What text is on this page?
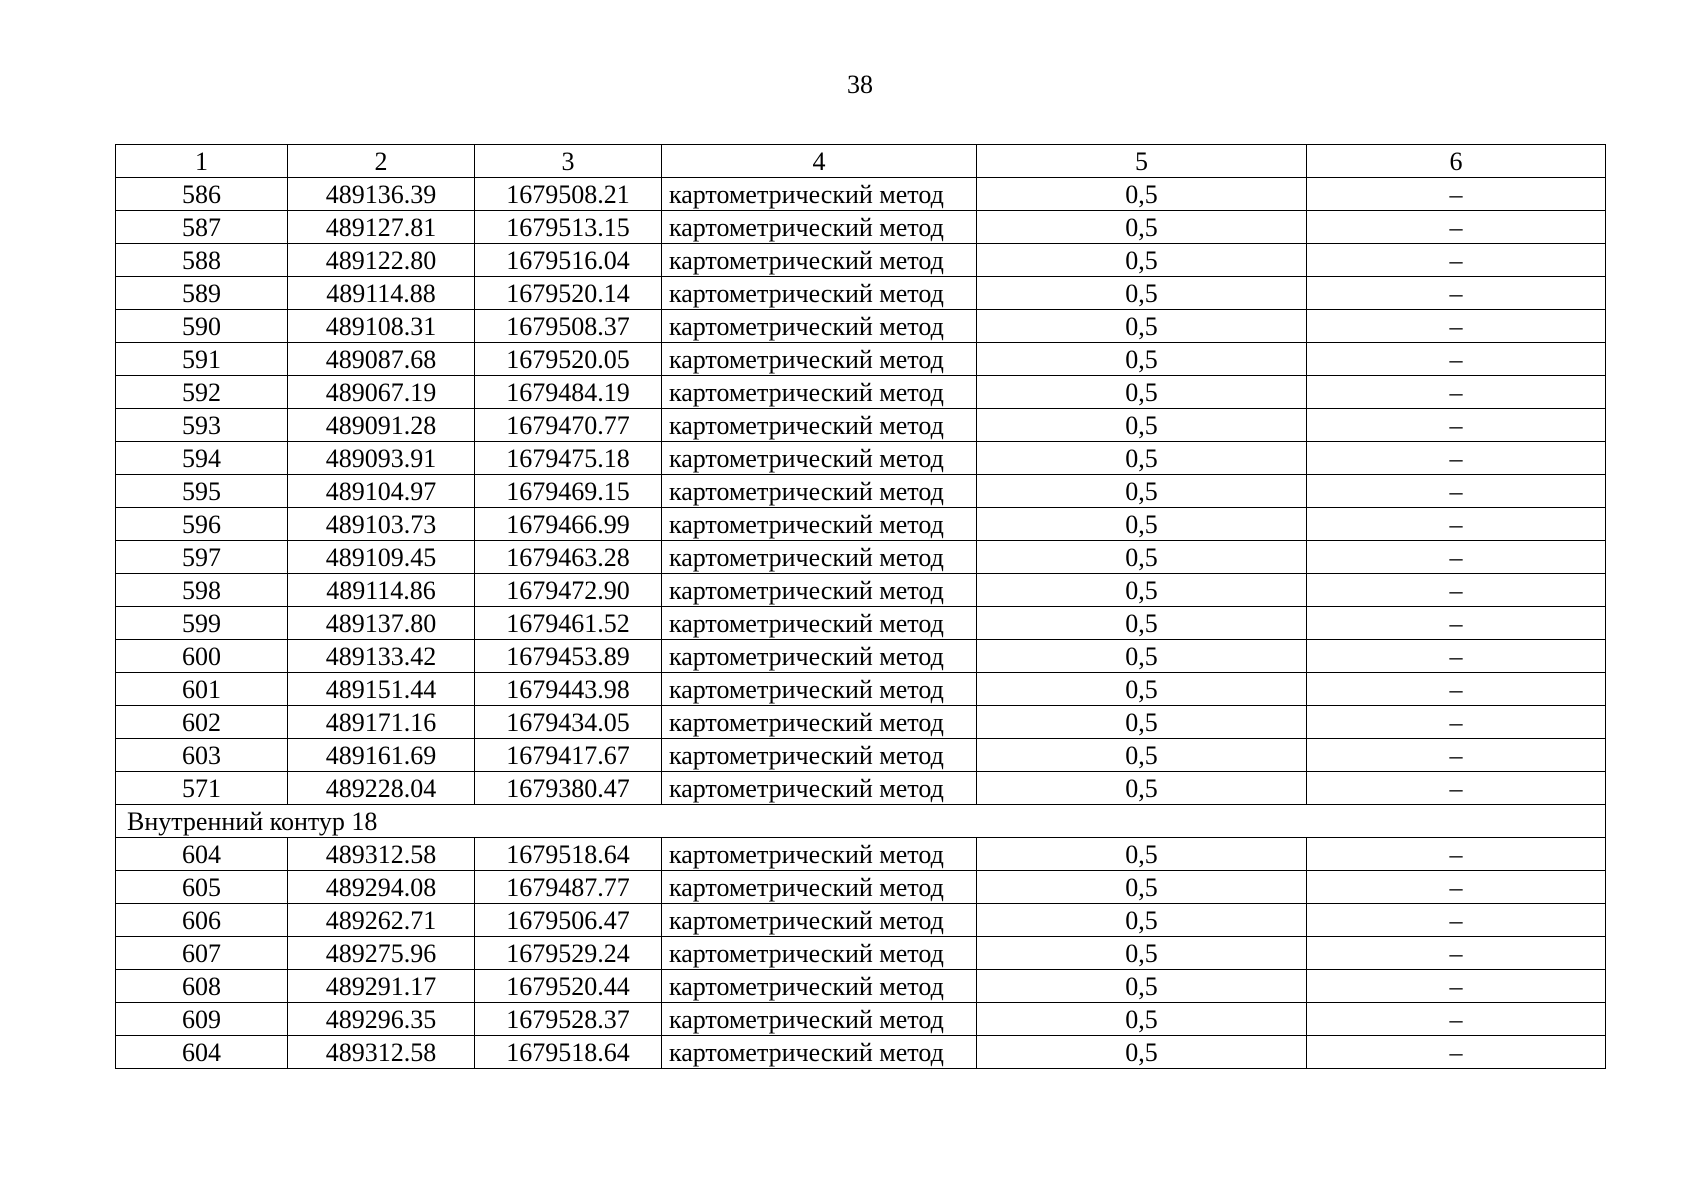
38
1	2	3	4	5	6
586	489136.39	1679508.21	картометрический метод	0,5	–
587	489127.81	1679513.15	картометрический метод	0,5	–
588	489122.80	1679516.04	картометрический метод	0,5	–
589	489114.88	1679520.14	картометрический метод	0,5	–
590	489108.31	1679508.37	картометрический метод	0,5	–
591	489087.68	1679520.05	картометрический метод	0,5	–
592	489067.19	1679484.19	картометрический метод	0,5	–
593	489091.28	1679470.77	картометрический метод	0,5	–
594	489093.91	1679475.18	картометрический метод	0,5	–
595	489104.97	1679469.15	картометрический метод	0,5	–
596	489103.73	1679466.99	картометрический метод	0,5	–
597	489109.45	1679463.28	картометрический метод	0,5	–
598	489114.86	1679472.90	картометрический метод	0,5	–
599	489137.80	1679461.52	картометрический метод	0,5	–
600	489133.42	1679453.89	картометрический метод	0,5	–
601	489151.44	1679443.98	картометрический метод	0,5	–
602	489171.16	1679434.05	картометрический метод	0,5	–
603	489161.69	1679417.67	картометрический метод	0,5	–
571	489228.04	1679380.47	картометрический метод	0,5	–
Внутренний контур 18					
604	489312.58	1679518.64	картометрический метод	0,5	–
605	489294.08	1679487.77	картометрический метод	0,5	–
606	489262.71	1679506.47	картометрический метод	0,5	–
607	489275.96	1679529.24	картометрический метод	0,5	–
608	489291.17	1679520.44	картометрический метод	0,5	–
609	489296.35	1679528.37	картометрический метод	0,5	–
604	489312.58	1679518.64	картометрический метод	0,5	–
